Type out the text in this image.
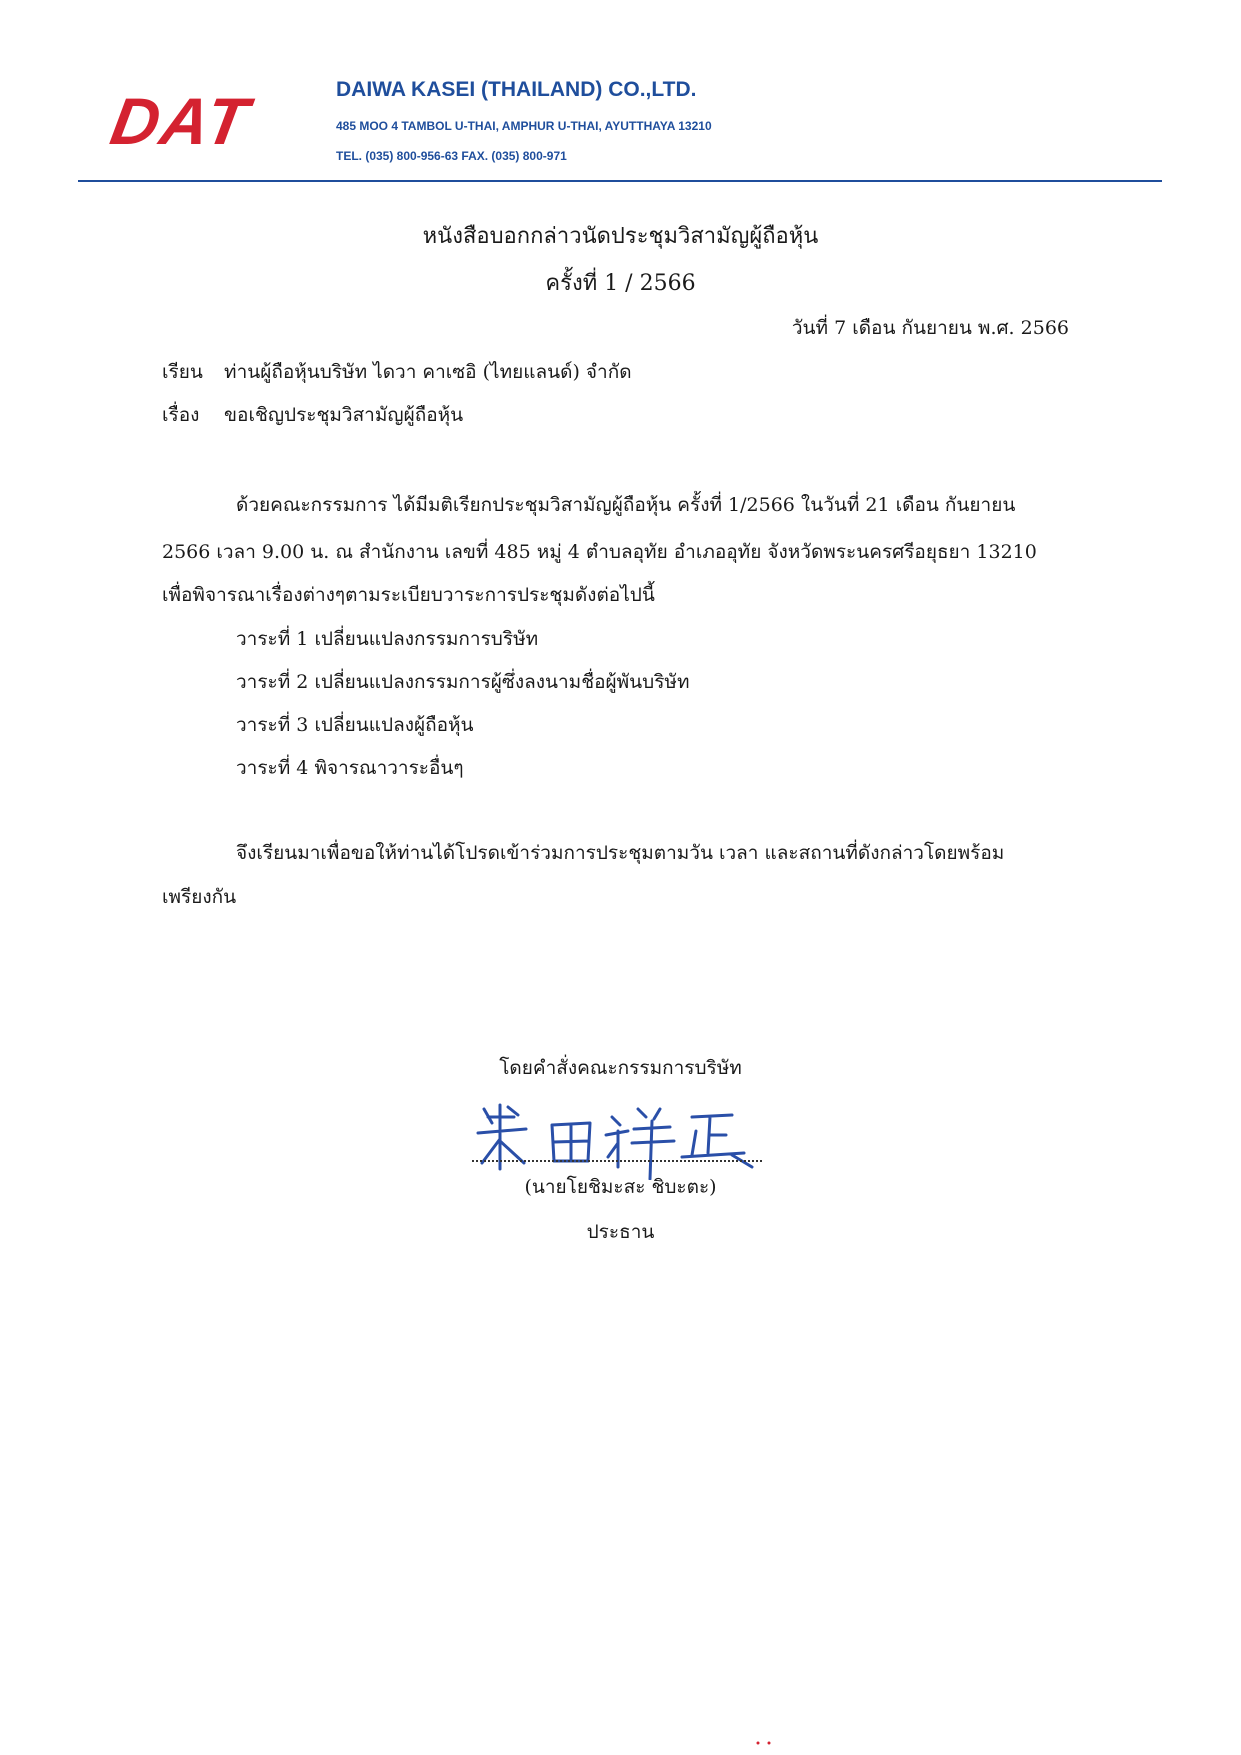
DAT	DAIWA KASEI (THAILAND) CO.,LTD.
485 MOO 4 TAMBOL U-THAI, AMPHUR U-THAI, AYUTTHAYA 13210
TEL. (035) 800-956-63 FAX. (035) 800-971
หนังสือบอกกล่าวนัดประชุมวิสามัญผู้ถือหุ้น
ครั้งที่ 1 / 2566
วันที่ 7 เดือน กันยายน พ.ศ. 2566
เรียน ท่านผู้ถือหุ้นบริษัท ไดวา คาเซอิ (ไทยแลนด์) จำกัด
เรื่อง ขอเชิญประชุมวิสามัญผู้ถือหุ้น
ด้วยคณะกรรมการ ได้มีมติเรียกประชุมวิสามัญผู้ถือหุ้น ครั้งที่ 1/2566 ในวันที่ 21 เดือน กันยายน
2566 เวลา 9.00 น. ณ สำนักงาน เลขที่ 485 หมู่ 4 ตำบลอุทัย อำเภออุทัย จังหวัดพระนครศรีอยุธยา 13210
เพื่อพิจารณาเรื่องต่างๆตามระเบียบวาระการประชุมดังต่อไปนี้
วาระที่ 1 เปลี่ยนแปลงกรรมการบริษัท
วาระที่ 2 เปลี่ยนแปลงกรรมการผู้ซึ่งลงนามชื่อผู้พันบริษัท
วาระที่ 3 เปลี่ยนแปลงผู้ถือหุ้น
วาระที่ 4 พิจารณาวาระอื่นๆ
จึงเรียนมาเพื่อขอให้ท่านได้โปรดเข้าร่วมการประชุมตามวัน เวลา และสถานที่ดังกล่าวโดยพร้อม
เพรียงกัน
โดยคำสั่งคณะกรรมการบริษัท
(นายโยชิมะสะ ชิบะตะ)
ประธาน
